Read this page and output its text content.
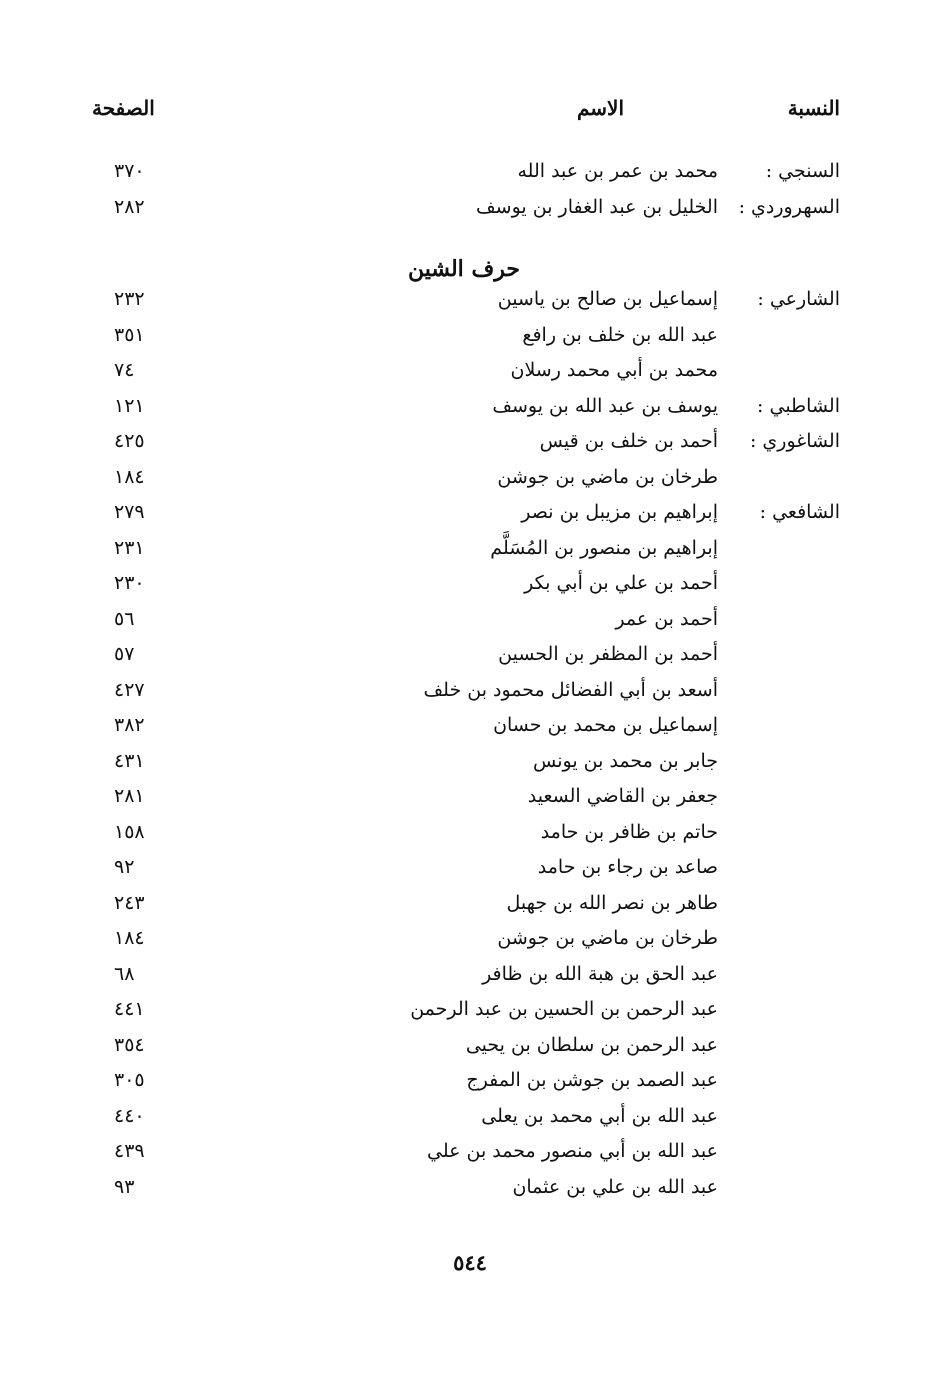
النسبة
الاسم
الصفحة
السنجي :
محمد بن عمر بن عبد الله
٣٧٠
السهروردي :
الخليل بن عبد الغفار بن يوسف
٢٨٢
حرف الشين
الشارعي :
إسماعيل بن صالح بن ياسين
٢٣٢
عبد الله بن خلف بن رافع
٣٥١
محمد بن أبي محمد رسلان
٧٤
الشاطبي :
يوسف بن عبد الله بن يوسف
١٢١
الشاغوري :
أحمد بن خلف بن قيس
٤٢٥
طرخان بن ماضي بن جوشن
١٨٤
الشافعي :
إبراهيم بن مزيبل بن نصر
٢٧٩
إبراهيم بن منصور بن المُسَلَّم
٢٣١
أحمد بن علي بن أبي بكر
٢٣٠
أحمد بن عمر
٥٦
أحمد بن المظفر بن الحسين
٥٧
أسعد بن أبي الفضائل محمود بن خلف
٤٢٧
إسماعيل بن محمد بن حسان
٣٨٢
جابر بن محمد بن يونس
٤٣١
جعفر بن القاضي السعيد
٢٨١
حاتم بن ظافر بن حامد
١٥٨
صاعد بن رجاء بن حامد
٩٢
طاهر بن نصر الله بن جهبل
٢٤٣
طرخان بن ماضي بن جوشن
١٨٤
عبد الحق بن هبة الله بن ظافر
٦٨
عبد الرحمن بن الحسين بن عبد الرحمن
٤٤١
عبد الرحمن بن سلطان بن يحيى
٣٥٤
عبد الصمد بن جوشن بن المفرج
٣٠٥
عبد الله بن أبي محمد بن يعلى
٤٤٠
عبد الله بن أبي منصور محمد بن علي
٤٣٩
عبد الله بن علي بن عثمان
٩٣
٥٤٤
